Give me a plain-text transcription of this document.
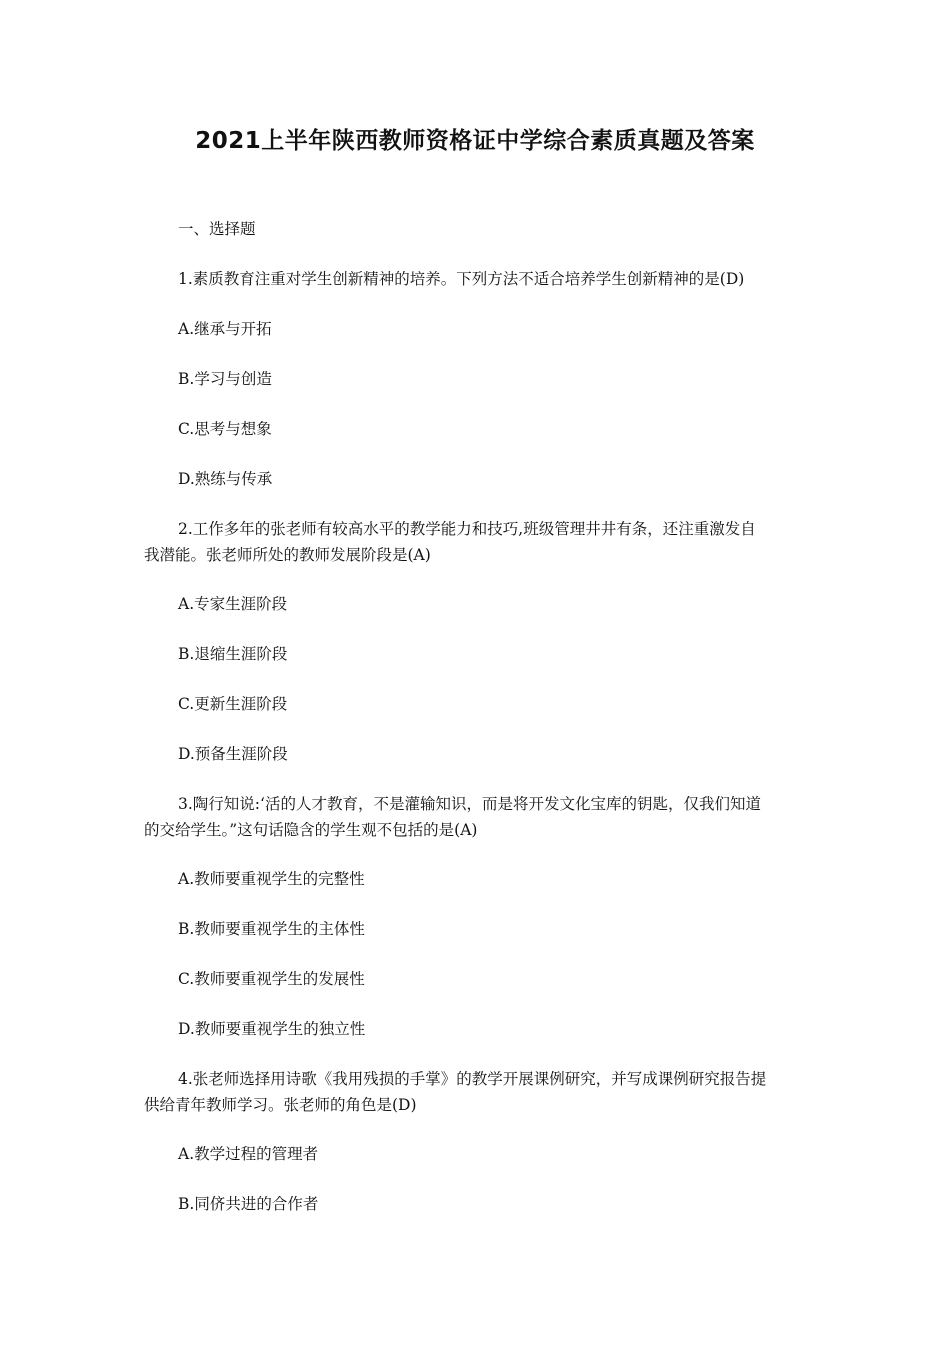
2021上半年陕西教师资格证中学综合素质真题及答案

一、选择题

1.素质教育注重对学生创新精神的培养。下列方法不适合培养学生创新精神的是(D)

A.继承与开拓

B.学习与创造

C.思考与想象

D.熟练与传承

2.工作多年的张老师有较高水平的教学能力和技巧,班级管理井井有条，还注重激发自
我潜能。张老师所处的教师发展阶段是(A)

A.专家生涯阶段

B.退缩生涯阶段

C.更新生涯阶段

D.预备生涯阶段

3.陶行知说:‘活的人才教育，不是灌输知识，而是将开发文化宝库的钥匙，仅我们知道
的交给学生。”这句话隐含的学生观不包括的是(A)

A.教师要重视学生的完整性

B.教师要重视学生的主体性

C.教师要重视学生的发展性

D.教师要重视学生的独立性

4.张老师选择用诗歌《我用残损的手掌》的教学开展课例研究，并写成课例研究报告提
供给青年教师学习。张老师的角色是(D)

A.教学过程的管理者

B.同侪共进的合作者
